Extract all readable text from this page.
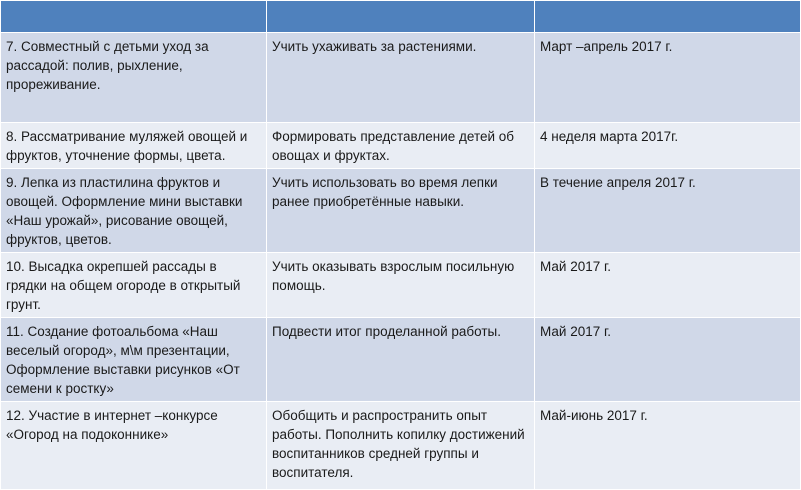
7. Совместный с детьми уход за рассадой: полив, рыхление, прореживание.	Учить ухаживать за растениями.	Март –апрель 2017 г.
8. Рассматривание муляжей овощей и фруктов, уточнение формы, цвета.	Формировать представление детей об овощах и фруктах.	4 неделя марта 2017г.
9. Лепка из пластилина фруктов и овощей. Оформление мини выставки «Наш урожай», рисование овощей, фруктов, цветов.	Учить использовать во время лепки ранее приобретённые навыки.	В течение апреля 2017 г.
10. Высадка окрепшей рассады в грядки на общем огороде в открытый грунт.	Учить оказывать взрослым посильную помощь.	Май 2017 г.
11. Создание фотоальбома «Наш веселый огород», м\м презентации, Оформление выставки рисунков «От семени к ростку»	Подвести итог проделанной работы.	Май 2017 г.
12. Участие в интернет –конкурсе «Огород на подоконнике»	Обобщить и распространить опыт работы. Пополнить копилку достижений воспитанников средней группы и воспитателя.	Май-июнь 2017 г.
